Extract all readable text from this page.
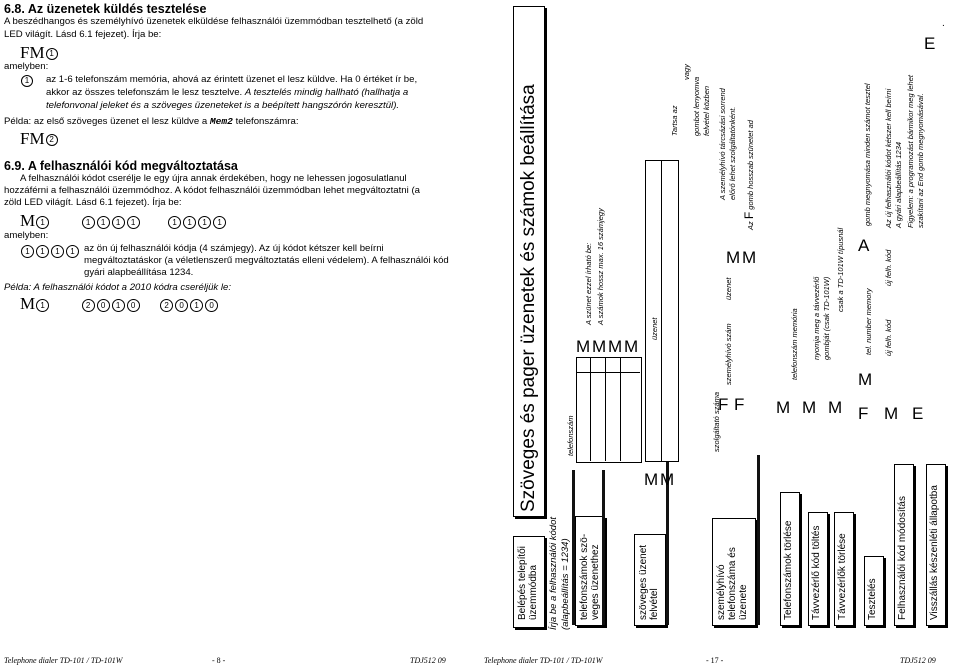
6.8. Az üzenetek küldés tesztelése
A beszédhangos és személyhívó üzenetek elküldése felhasználói üzemmódban tesztelhető (a zöld
LED világít. Lásd 6.1 fejezet). Írja be:
FM 1
amelyben:
1	az 1-6 telefonszám memória, ahová az érintett üzenet el lesz küldve. Ha 0 értéket ír be,
akkor az összes telefonszám le lesz tesztelve. A tesztelés mindig hallható (hallhatja a
telefonvonal jeleket és a szöveges üzeneteket is a beépített hangszórón keresztül).
Példa: az első szöveges üzenet el lesz küldve a Mem2 telefonszámra:
FM 2
6.9. A felhasználói kód megváltoztatása
A felhasználói kódot cserélje le egy újra annak érdekében, hogy ne lehessen jogosulatlanul
hozzáférni a felhasználói üzemmódhoz. A kódot felhasználói üzemmódban lehet megváltoztatni (a
zöld LED világít. Lásd 6.1 fejezet). Írja be:
M 1	1 1 1 1	1 1 1 1
amelyben:
1 1 1 1 az ön új felhasználói kódja (4 számjegy). Az új kódot kétszer kell beírni
megváltoztatáskor (a véletlenszerű megváltoztatás elleni védelem). A felhasználói kód
gyári alapbeállítása 1234.
Példa: A felhasználói kódot a 2010 kódra cseréljük le:
M 1	2 0 1 0	2 0 1 0
Telephone dialer TD-101 / TD-101W	- 8 -	TDJ512 09
Szöveges és pager üzenetek és számok beállítása
Belépés telepítői üzemmódba Írja be a felhasználói kódot (alapbeállítás = 1234) telefonszámok szöveges üzenethez	szöveges üzenet felvétel	személyhívó telefonszáma és üzenete	Telefonszámok törlése Távvezérlő kód töltés Távvezérlők törlése Tesztelés Felhasználói kód módosítás Visszállás készenléti állapotba
telefonszám
M M M M
A szünet ezzel írható be: A számok hossz max. 16 számjegy
üzenet
M M
Tartsa az
vagy
gombot lenyomva felvétel közben
szolgáltató száma
F F
személyhívó szám
üzenet
M M
A személyhívó tárcsázási sorrend előrő lehet szolgáltatónként.
Az F gomb hosszab szünetet ad
M
telefonszám memória
M
nyomja meg a távvezérlő gombját (csak TD-101W)
M
csak a TD-101W típusnál
F
M
tel. number memory
M
új felh. kód
új felh. kód
E
A
gomb megnyomása minden számot tesztel Az új felhasználói kódot kétszer kell beírni A gyári alapbeállítás 1234 Figyelem: a programozást bármikor meg lehet szakítani az End gomb megnyomásával.
E
.
Telephone dialer TD-101 / TD-101W	- 17 -	TDJ512 09
